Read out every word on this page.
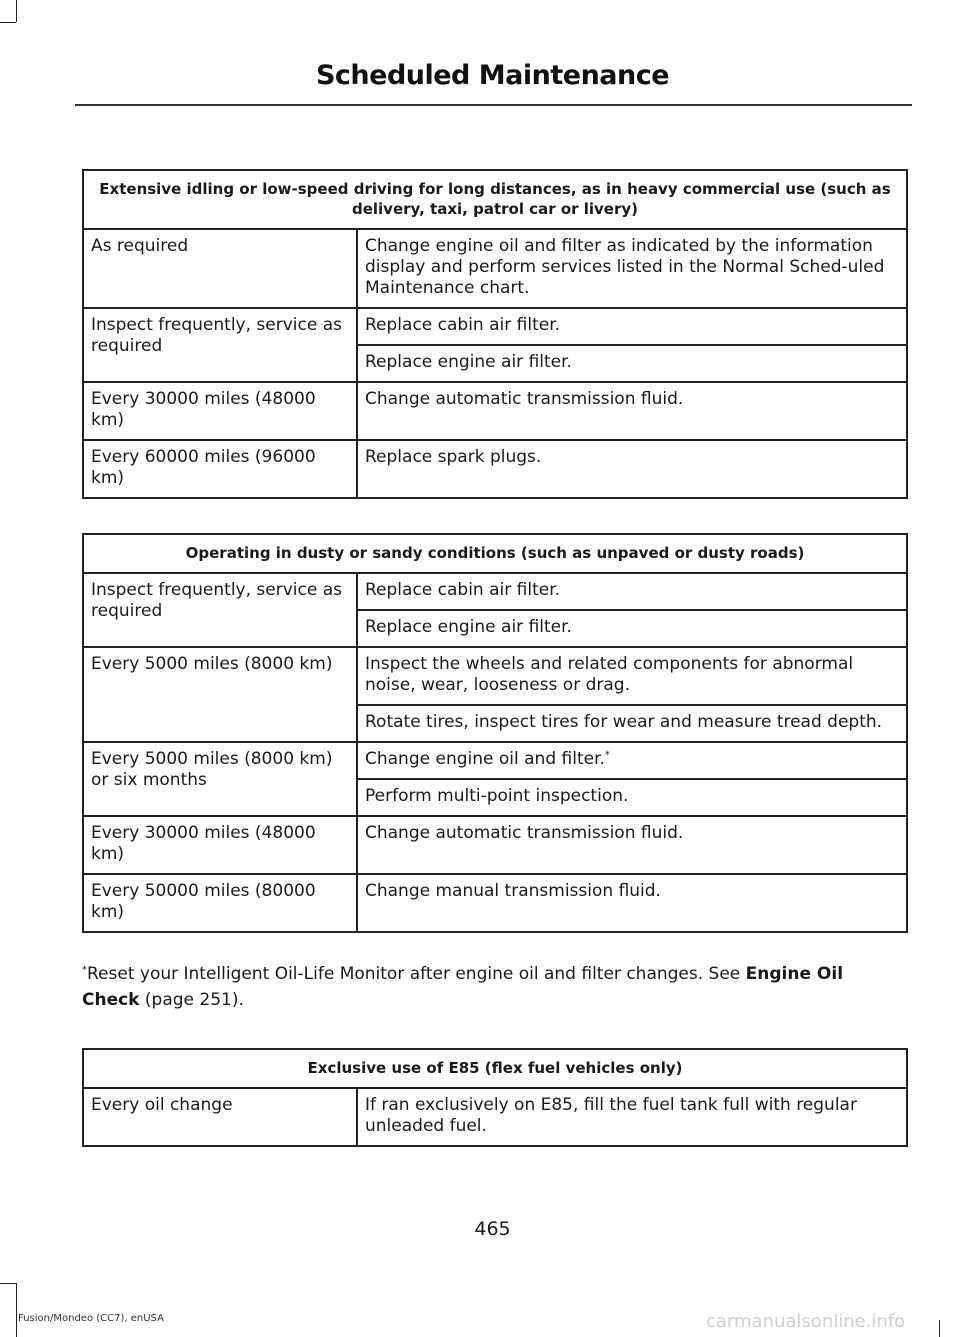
Scheduled Maintenance
Extensive idling or low-speed driving for long distances, as in heavy commercial use (such as delivery, taxi, patrol car or livery)	
As required	Change engine oil and filter as indicated by the information display and perform services listed in the Normal Sched-uled Maintenance chart.
Inspect frequently, service as required	Replace cabin air filter.
	Replace engine air filter.
Every 30000 miles (48000 km)	Change automatic transmission fluid.
Every 60000 miles (96000 km)	Replace spark plugs.
Operating in dusty or sandy conditions (such as unpaved or dusty roads)	
Inspect frequently, service as required	Replace cabin air filter.
	Replace engine air filter.
Every 5000 miles (8000 km)	Inspect the wheels and related components for abnormal noise, wear, looseness or drag.
	Rotate tires, inspect tires for wear and measure tread depth.
Every 5000 miles (8000 km) or six months	Change engine oil and filter.*
	Perform multi-point inspection.
Every 30000 miles (48000 km)	Change automatic transmission fluid.
Every 50000 miles (80000 km)	Change manual transmission fluid.
*Reset your Intelligent Oil-Life Monitor after engine oil and filter changes. See Engine Oil Check (page 251).
Exclusive use of E85 (flex fuel vehicles only)
Every oil change	If ran exclusively on E85, fill the fuel tank full with regular unleaded fuel.
465
Fusion/Mondeo (CC7), enUSA	carmanualsonline.info
